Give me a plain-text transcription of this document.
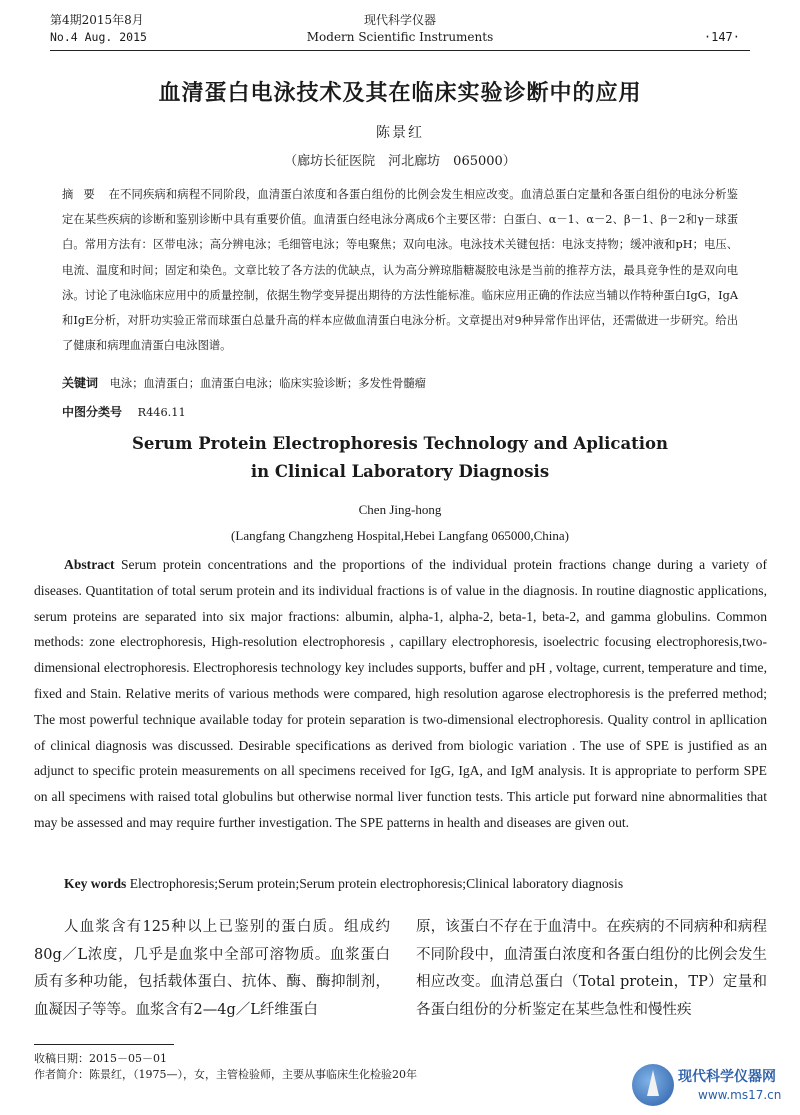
第4期2015年8月
No.4 Aug. 2015
现代科学仪器
Modern Scientific Instruments	·147·
血清蛋白电泳技术及其在临床实验诊断中的应用
陈景红
（廊坊长征医院　河北廊坊　065000）
摘要 在不同疾病和病程不同阶段，血清蛋白浓度和各蛋白组份的比例会发生相应改变。血清总蛋白定量和各蛋白组份的电泳分析鉴定在某些疾病的诊断和鉴别诊断中具有重要价值。血清蛋白经电泳分离成6个主要区带：白蛋白、α－1、α－2、β－1、β－2和γ－球蛋白。常用方法有：区带电泳；高分辨电泳；毛细管电泳；等电聚焦；双向电泳。电泳技术关键包括：电泳支持物；缓冲液和pH；电压、电流、温度和时间；固定和染色。文章比较了各方法的优缺点，认为高分辨琼脂糖凝胶电泳是当前的推荐方法，最具竞争性的是双向电泳。讨论了电泳临床应用中的质量控制，依据生物学变异提出期待的方法性能标准。临床应用正确的作法应当辅以作特种蛋白IgG，IgA和IgE分析，对肝功实验正常而球蛋白总量升高的样本应做血清蛋白电泳分析。文章提出对9种异常作出评估，还需做进一步研究。给出了健康和病理血清蛋白电泳图谱。
关键词 电泳；血清蛋白；血清蛋白电泳；临床实验诊断；多发性骨髓瘤
中图分类号 R446.11
Serum Protein Electrophoresis Technology and Aplication
in Clinical Laboratory Diagnosis
Chen Jing-hong
(Langfang Changzheng Hospital,Hebei Langfang 065000,China)
Abstract Serum protein concentrations and the proportions of the individual protein fractions change during a variety of diseases. Quantitation of total serum protein and its individual fractions is of value in the diagnosis. In routine diagnostic applications, serum proteins are separated into six major fractions: albumin, alpha-1, alpha-2, beta-1, beta-2, and gamma globulins. Common methods: zone electrophoresis, High-resolution electrophoresis , capillary electrophoresis, isoelectric focusing electrophoresis,two-dimensional electrophoresis. Electrophoresis technology key includes supports, buffer and pH , voltage, current, temperature and time, fixed and Stain. Relative merits of various methods were compared, high resolution agarose electrophoresis is the preferred method; The most powerful technique available today for protein separation is two-dimensional electrophoresis. Quality control in apllication of clinical diagnosis was discussed. Desirable specifications as derived from biologic variation . The use of SPE is justified as an adjunct to specific protein measurements on all specimens received for IgG, IgA, and IgM analysis. It is appropriate to perform SPE on all specimens with raised total globulins but otherwise normal liver function tests. This article put forward nine abnormalities that may be assessed and may require further investigation. The SPE patterns in health and diseases are given out.
Key words Electrophoresis;Serum protein;Serum protein electrophoresis;Clinical laboratory diagnosis
人血浆含有125种以上已鉴别的蛋白质。组成约80g／L浓度，几乎是血浆中全部可溶物质。血浆蛋白质有多种功能，包括载体蛋白、抗体、酶、酶抑制剂，血凝因子等等。血浆含有2—4g／L纤维蛋白
原，该蛋白不存在于血清中。在疾病的不同病种和病程不同阶段中，血清蛋白浓度和各蛋白组份的比例会发生相应改变。血清总蛋白（Total protein，TP）定量和各蛋白组份的分析鉴定在某些急性和慢性疾
收稿日期：2015－05－01
作者简介：陈景红，（1975—），女，主管检验师，主要从事临床生化检验20年	现代科学仪器网
www.ms17.cn
